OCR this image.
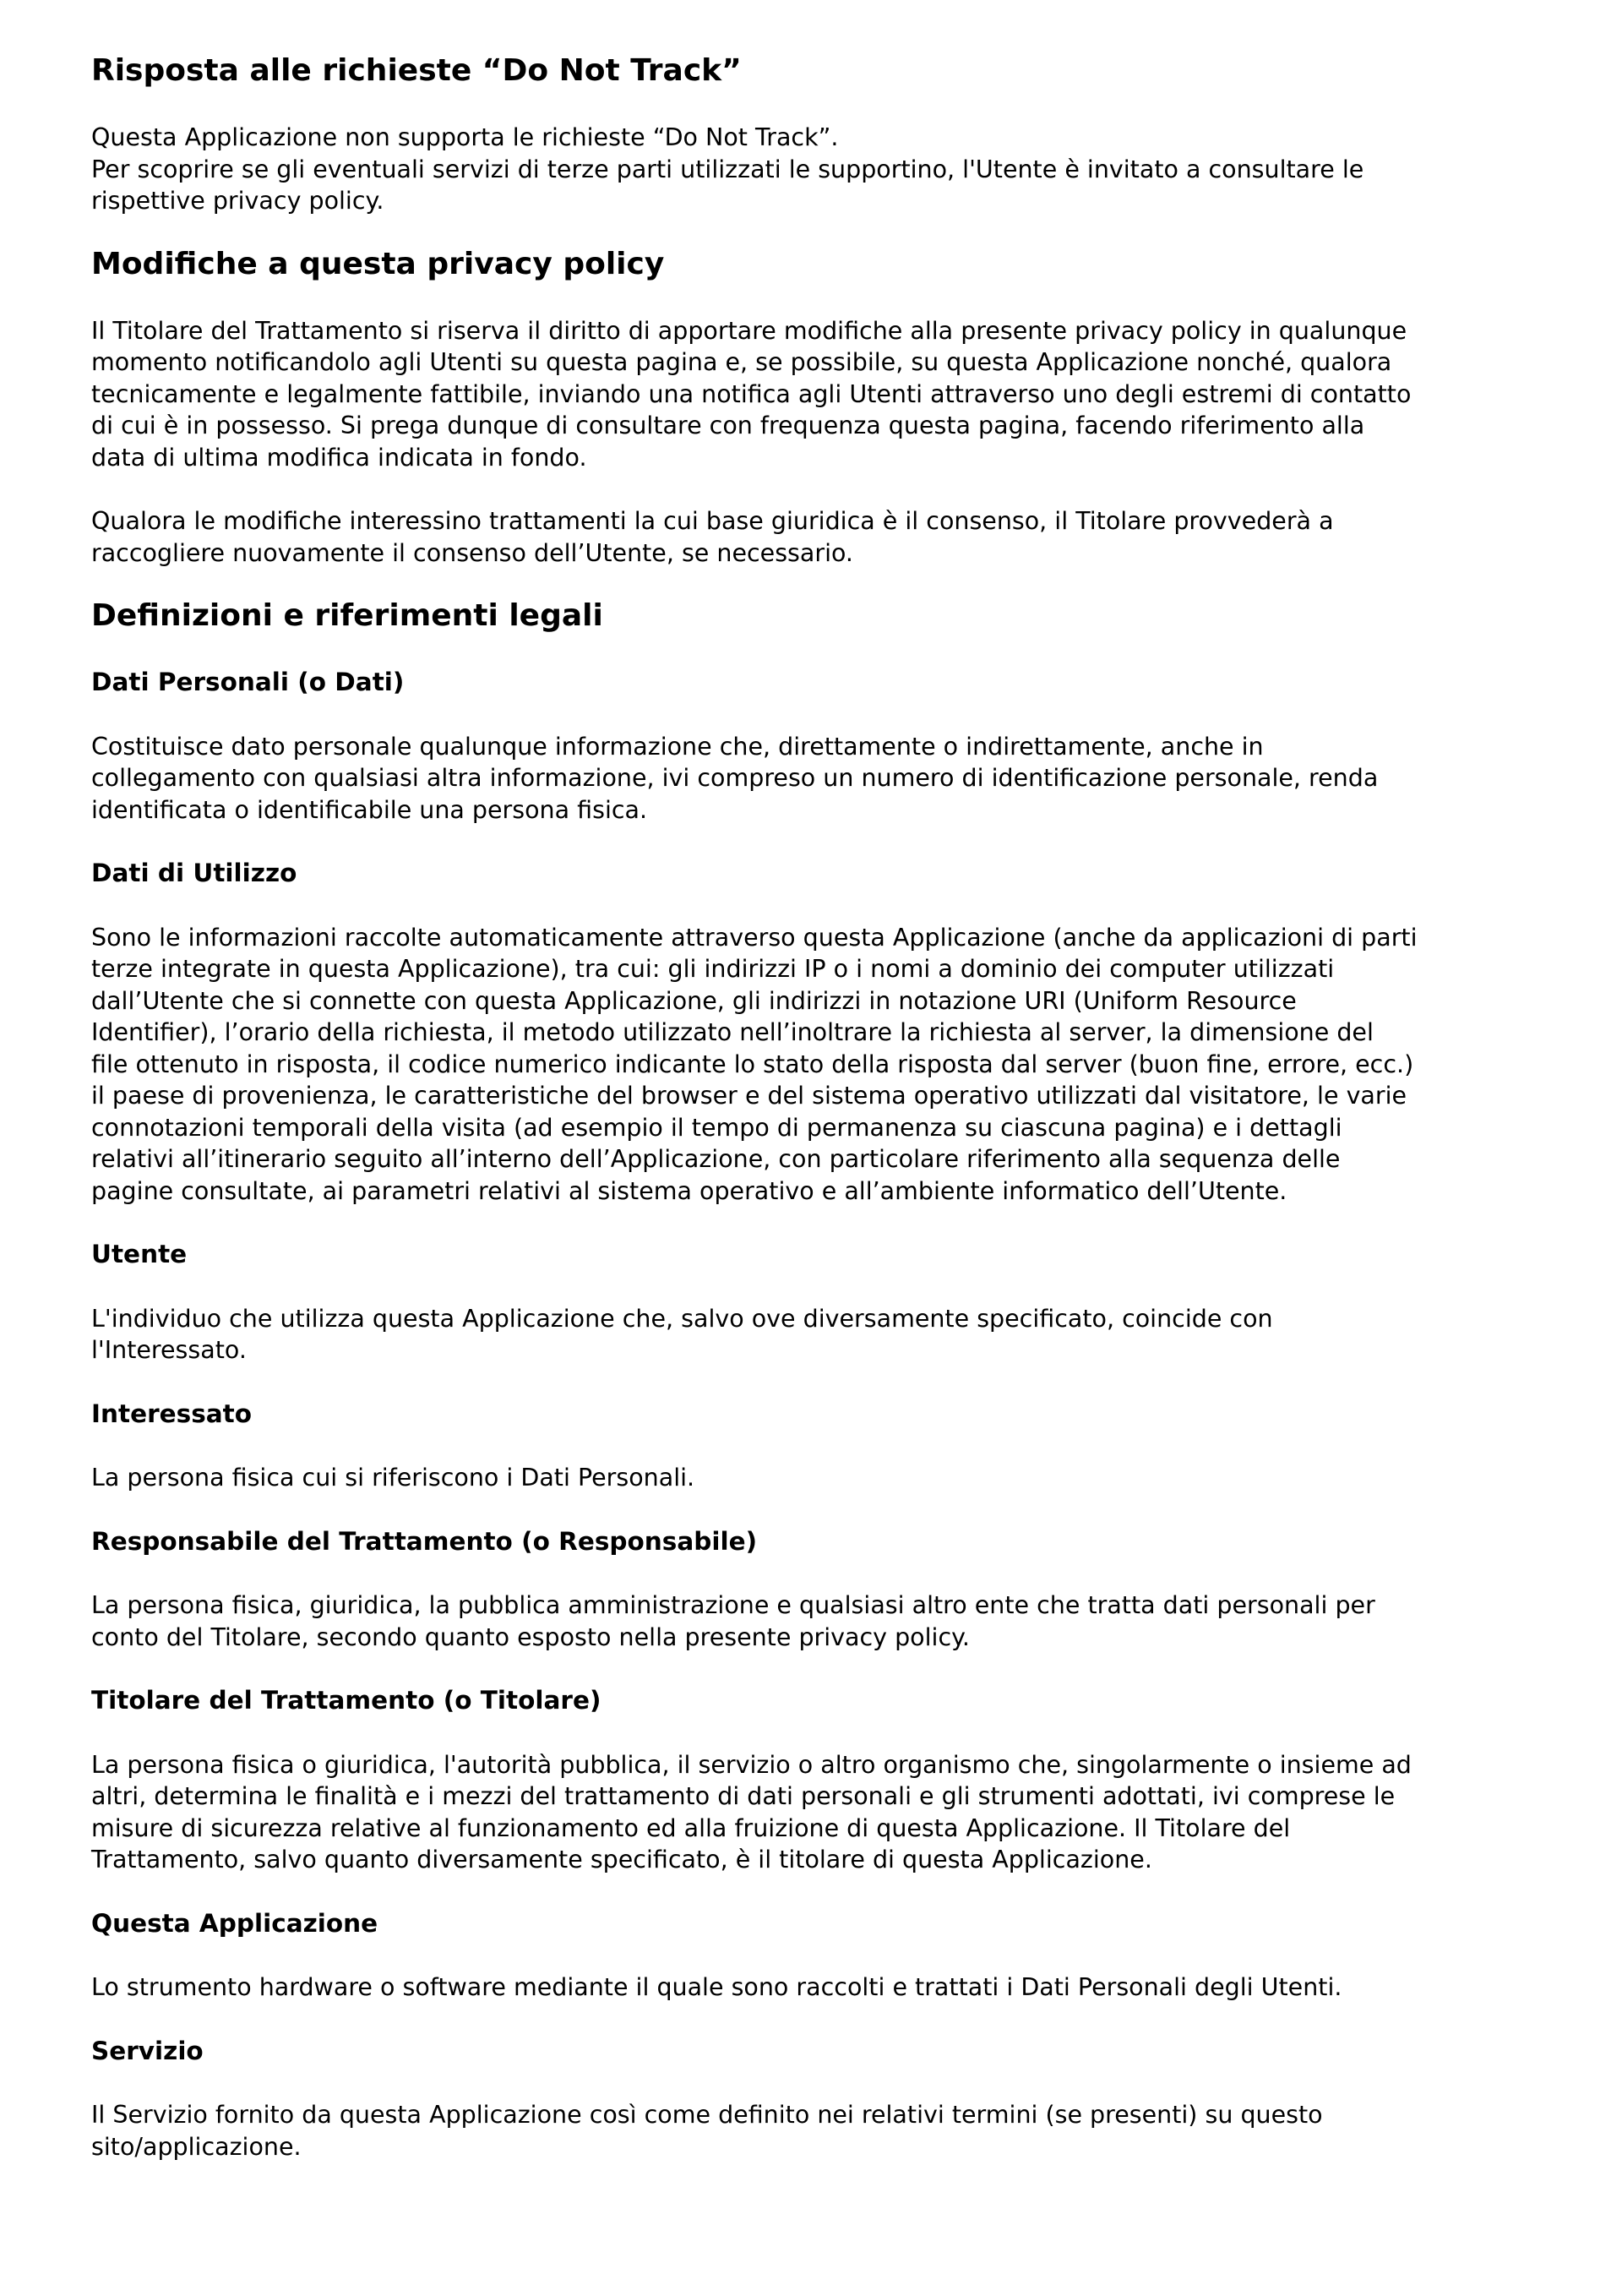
Risposta alle richieste “Do Not Track”

Questa Applicazione non supporta le richieste “Do Not Track”.
Per scoprire se gli eventuali servizi di terze parti utilizzati le supportino, l'Utente è invitato a consultare le
rispettive privacy policy.

Modifiche a questa privacy policy

Il Titolare del Trattamento si riserva il diritto di apportare modifiche alla presente privacy policy in qualunque
momento notificandolo agli Utenti su questa pagina e, se possibile, su questa Applicazione nonché, qualora
tecnicamente e legalmente fattibile, inviando una notifica agli Utenti attraverso uno degli estremi di contatto
di cui è in possesso. Si prega dunque di consultare con frequenza questa pagina, facendo riferimento alla
data di ultima modifica indicata in fondo.

Qualora le modifiche interessino trattamenti la cui base giuridica è il consenso, il Titolare provvederà a
raccogliere nuovamente il consenso dell’Utente, se necessario.

Definizioni e riferimenti legali
Dati Personali (o Dati)

Costituisce dato personale qualunque informazione che, direttamente o indirettamente, anche in
collegamento con qualsiasi altra informazione, ivi compreso un numero di identificazione personale, renda
identificata o identificabile una persona fisica.

Dati di Utilizzo

Sono le informazioni raccolte automaticamente attraverso questa Applicazione (anche da applicazioni di parti
terze integrate in questa Applicazione), tra cui: gli indirizzi IP o i nomi a dominio dei computer utilizzati
dall’Utente che si connette con questa Applicazione, gli indirizzi in notazione URI (Uniform Resource
Identifier), l’orario della richiesta, il metodo utilizzato nell’inoltrare la richiesta al server, la dimensione del
file ottenuto in risposta, il codice numerico indicante lo stato della risposta dal server (buon fine, errore, ecc.)
il paese di provenienza, le caratteristiche del browser e del sistema operativo utilizzati dal visitatore, le varie
connotazioni temporali della visita (ad esempio il tempo di permanenza su ciascuna pagina) e i dettagli
relativi all’itinerario seguito all’interno dell’Applicazione, con particolare riferimento alla sequenza delle
pagine consultate, ai parametri relativi al sistema operativo e all’ambiente informatico dell’Utente.

Utente

L'individuo che utilizza questa Applicazione che, salvo ove diversamente specificato, coincide con
l'Interessato.

Interessato

La persona fisica cui si riferiscono i Dati Personali.

Responsabile del Trattamento (o Responsabile)

La persona fisica, giuridica, la pubblica amministrazione e qualsiasi altro ente che tratta dati personali per
conto del Titolare, secondo quanto esposto nella presente privacy policy.

Titolare del Trattamento (o Titolare)

La persona fisica o giuridica, l'autorità pubblica, il servizio o altro organismo che, singolarmente o insieme ad
altri, determina le finalità e i mezzi del trattamento di dati personali e gli strumenti adottati, ivi comprese le
misure di sicurezza relative al funzionamento ed alla fruizione di questa Applicazione. Il Titolare del
Trattamento, salvo quanto diversamente specificato, è il titolare di questa Applicazione.

Questa Applicazione

Lo strumento hardware o software mediante il quale sono raccolti e trattati i Dati Personali degli Utenti.

Servizio

Il Servizio fornito da questa Applicazione così come definito nei relativi termini (se presenti) su questo
sito/applicazione.
